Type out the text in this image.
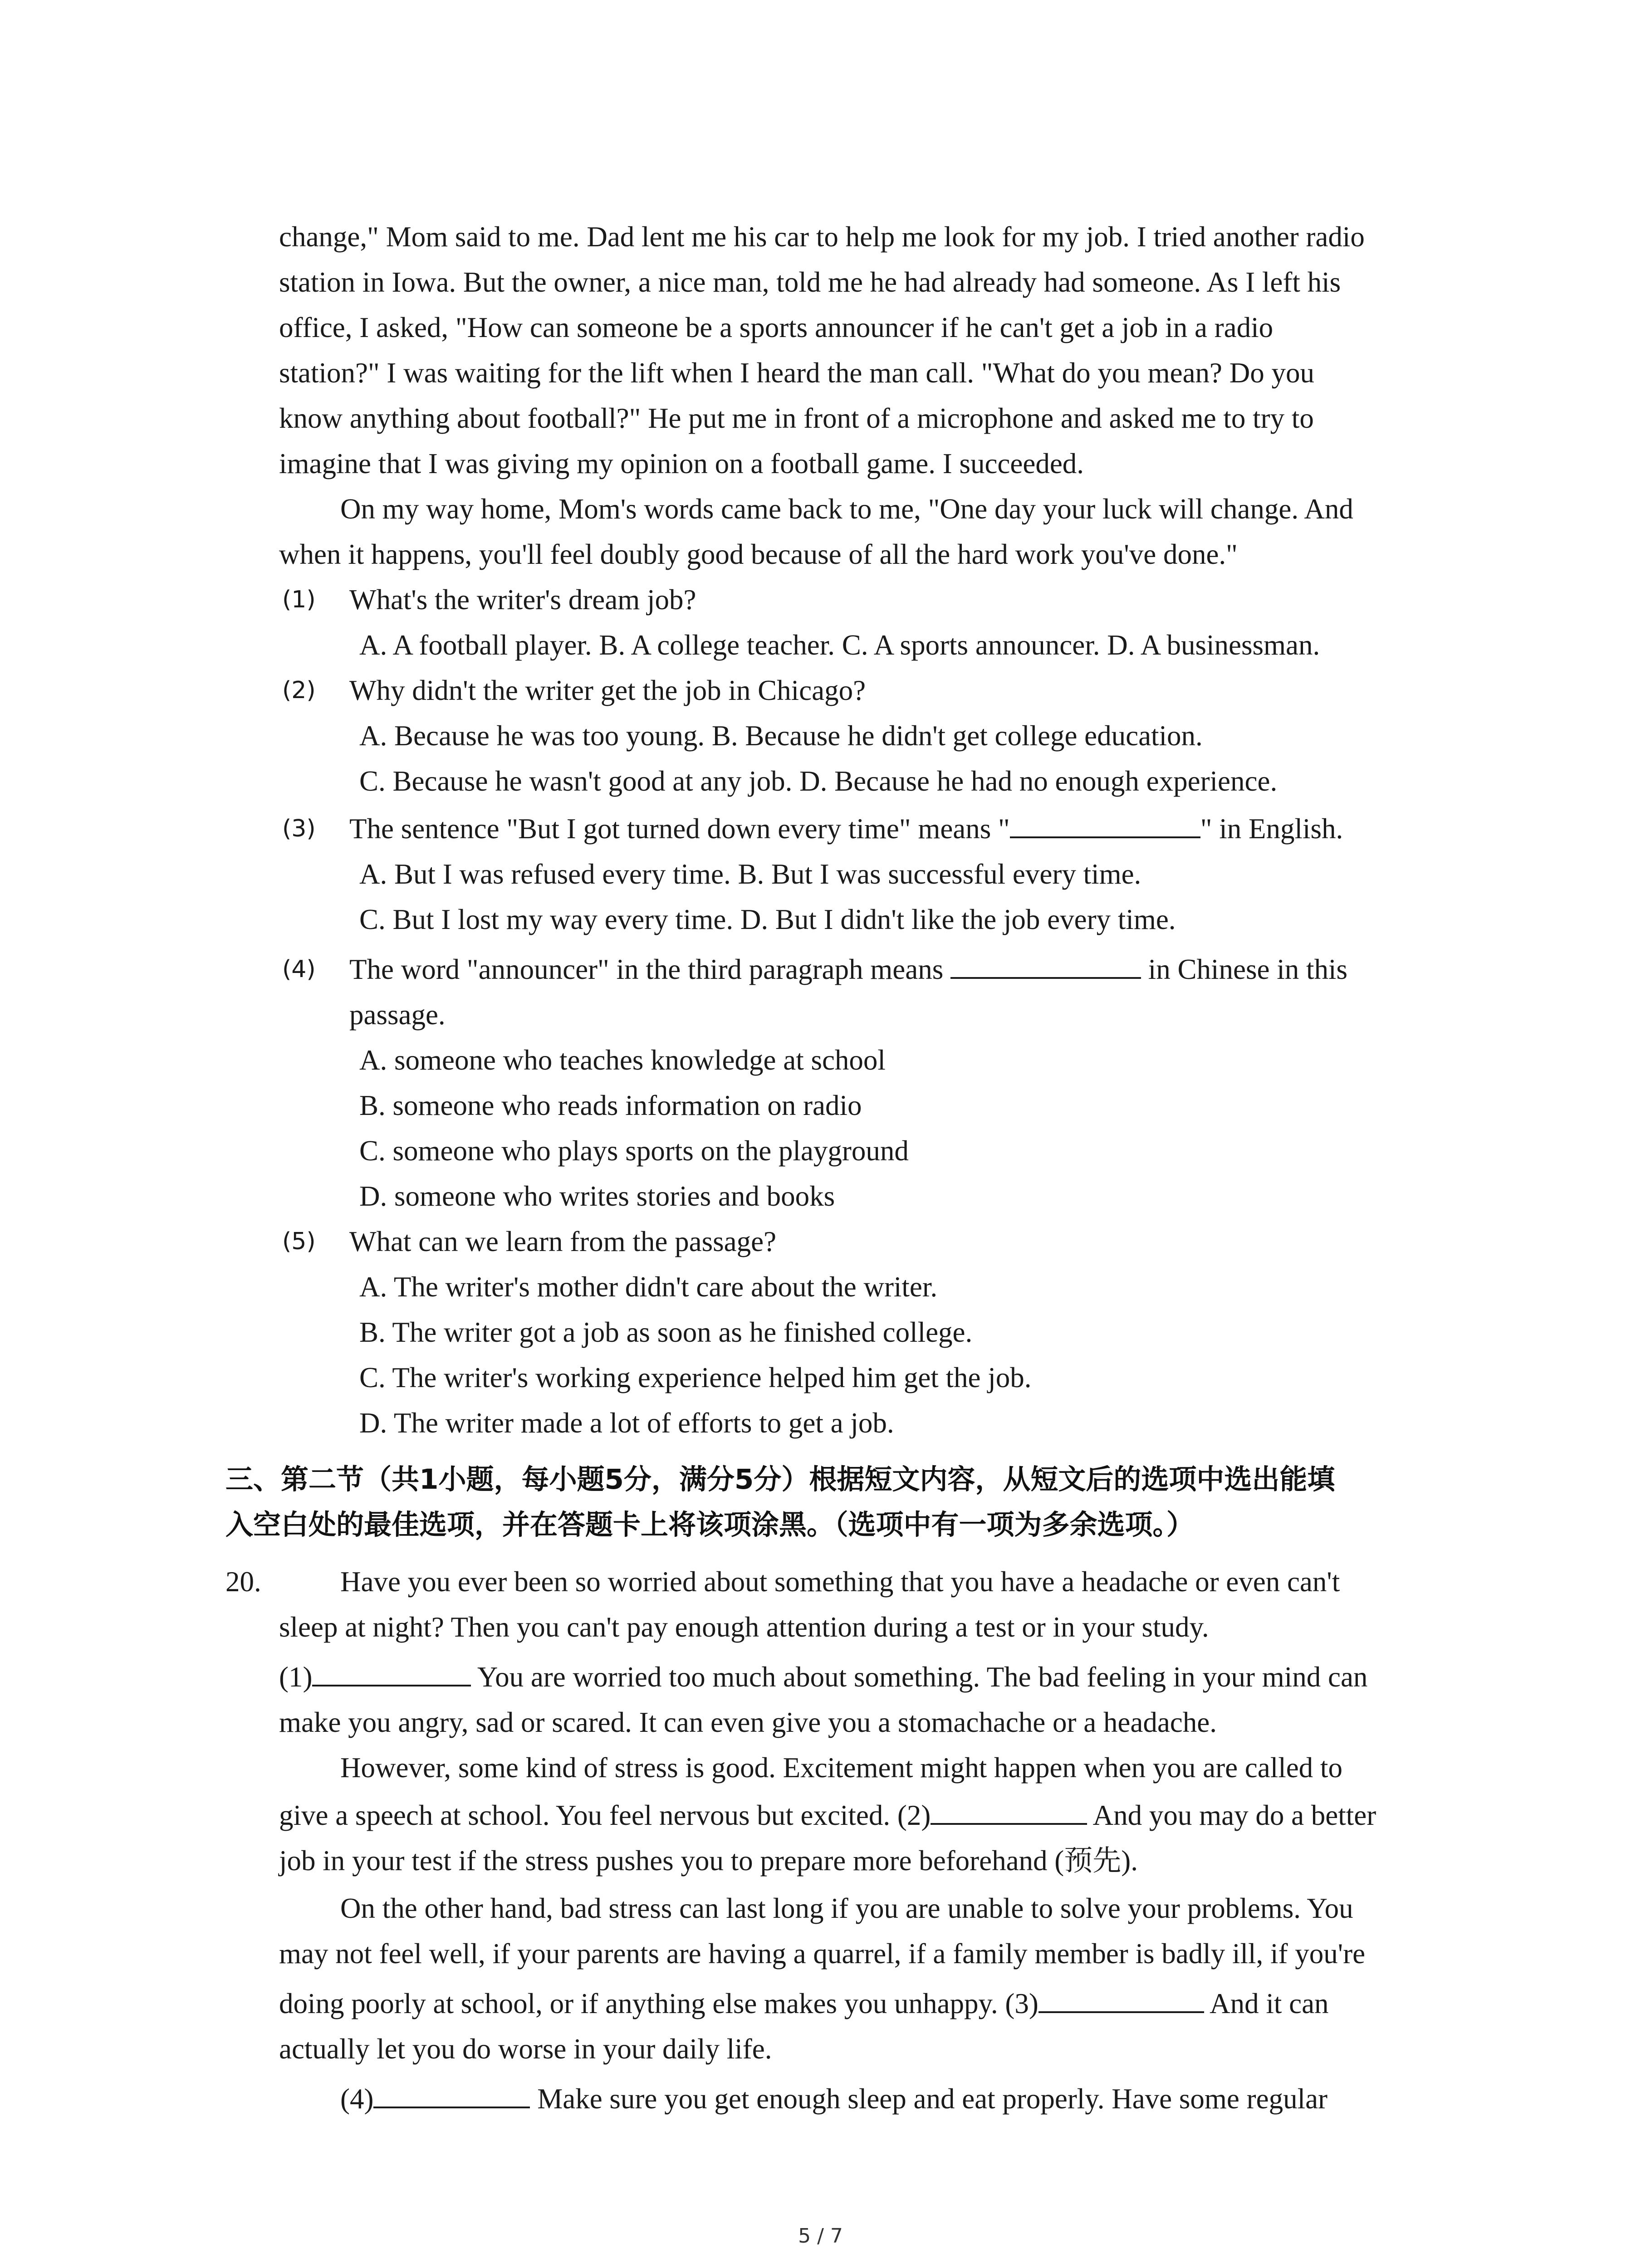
change," Mom said to me. Dad lent me his car to help me look for my job. I tried another radio
station in Iowa. But the owner, a nice man, told me he had already had someone. As I left his
office, I asked, "How can someone be a sports announcer if he can't get a job in a radio
station?" I was waiting for the lift when I heard the man call. "What do you mean? Do you
know anything about football?" He put me in front of a microphone and asked me to try to
imagine that I was giving my opinion on a football game. I succeeded.
On my way home, Mom's words came back to me, "One day your luck will change. And
when it happens, you'll feel doubly good because of all the hard work you've done."
(1) What's the writer's dream job?
A. A football player. B. A college teacher. C. A sports announcer. D. A businessman.
(2) Why didn't the writer get the job in Chicago?
A. Because he was too young. B. Because he didn't get college education.
C. Because he wasn't good at any job. D. Because he had no enough experience.
(3) The sentence "But I got turned down every time" means "	" in English.
A. But I was refused every time. B. But I was successful every time.
C. But I lost my way every time. D. But I didn't like the job every time.
(4) The word "announcer" in the third paragraph means	in Chinese in this
passage.
A. someone who teaches knowledge at school
B. someone who reads information on radio
C. someone who plays sports on the playground
D. someone who writes stories and books
(5) What can we learn from the passage?
A. The writer's mother didn't care about the writer.
B. The writer got a job as soon as he finished college.
C. The writer's working experience helped him get the job.
D. The writer made a lot of efforts to get a job.
三、第二节（共1小题，每小题5分，满分5分）根据短文内容，从短文后的选项中选出能填
入空白处的最佳选项，并在答题卡上将该项涂黑。（选项中有一项为多余选项。）
20.	Have you ever been so worried about something that you have a headache or even can't
sleep at night? Then you can't pay enough attention during a test or in your study.
(1)	You are worried too much about something. The bad feeling in your mind can
make you angry, sad or scared. It can even give you a stomachache or a headache.
However, some kind of stress is good. Excitement might happen when you are called to
give a speech at school. You feel nervous but excited. (2)	And you may do a better
job in your test if the stress pushes you to prepare more beforehand (预先).
On the other hand, bad stress can last long if you are unable to solve your problems. You
may not feel well, if your parents are having a quarrel, if a family member is badly ill, if you're
doing poorly at school, or if anything else makes you unhappy. (3)	And it can
actually let you do worse in your daily life.
(4)	Make sure you get enough sleep and eat properly. Have some regular
5 / 7
